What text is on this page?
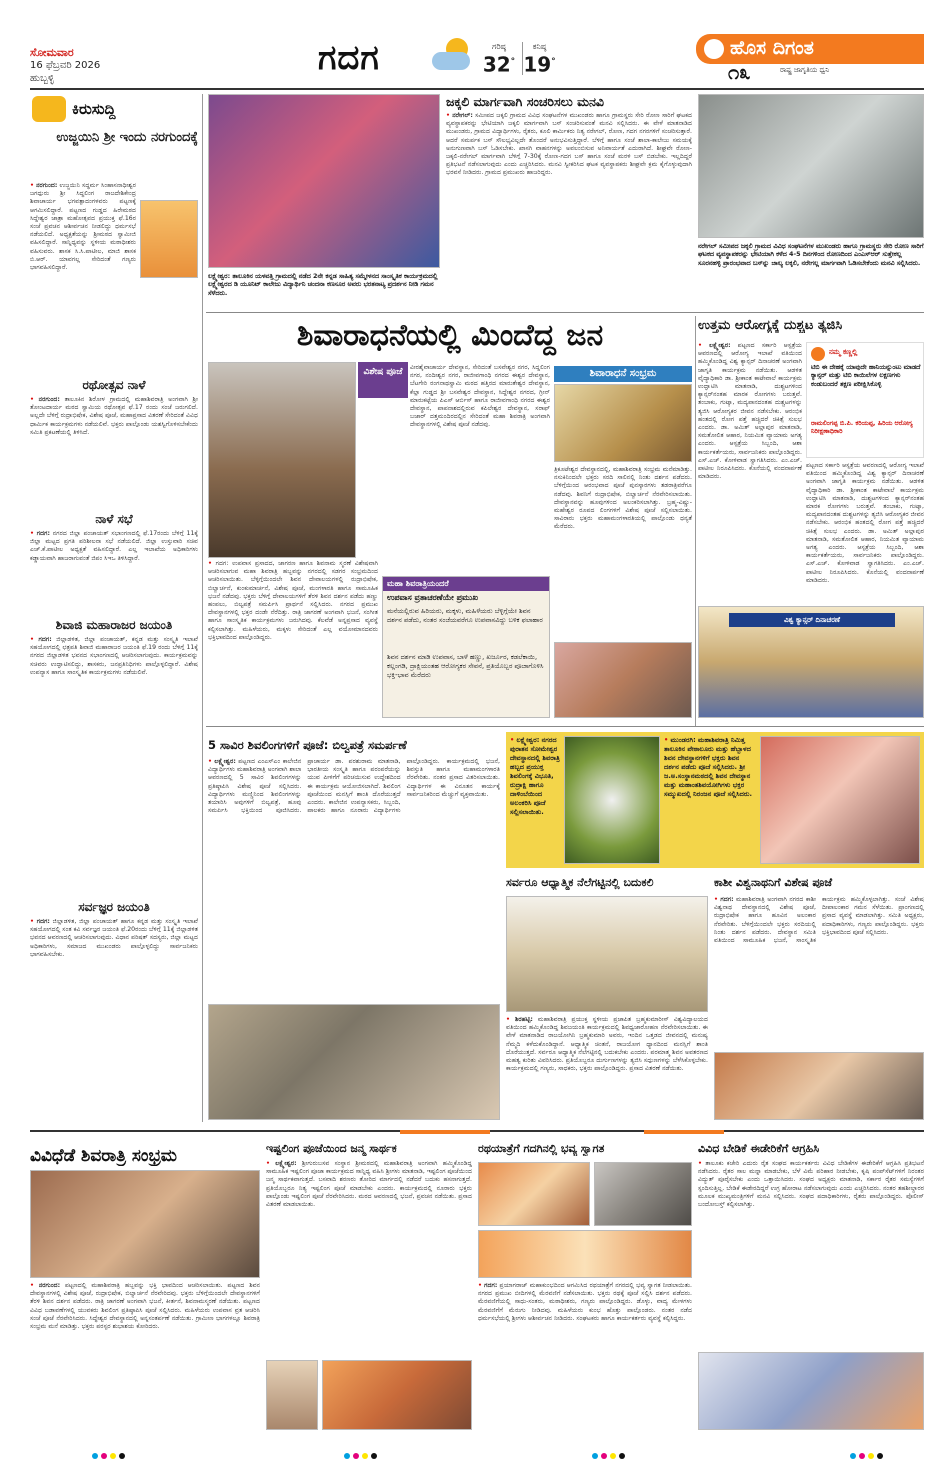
ಸೋಮವಾರ
16 ಫೆಬ್ರವರಿ 2026
ಹುಬ್ಬಳ್ಳಿ
ಗದಗ	ಗರಿಷ್ಠ
32°
ಕನಿಷ್ಠ
19°
ಹೊಸ ದಿಗಂತ
ರಾಷ್ಟ್ರ ಜಾಗೃತಿಯ ಧ್ವನಿ
೧೩
ಕಿರುಸುದ್ದಿ
ಉಜ್ಜಯಿನಿ ಶ್ರೀ ಇಂದು ನರಗುಂದಕ್ಕೆ
• ನರಗುಂದ: ಉಜ್ಜಯಿನಿ ಸದ್ಧರ್ಮ ಸಿಂಹಾಸನಾಧೀಶ್ವರ ಜಗದ್ಗುರು ಶ್ರೀ ಸಿದ್ಧಲಿಂಗ ರಾಜದೇಶಿಕೇಂದ್ರ ಶಿವಾಚಾರ್ಯ ಭಗವತ್ಪಾದಂಗಳವರು ಪಟ್ಟಣಕ್ಕೆ ಆಗಮಿಸಲಿದ್ದಾರೆ. ಪಟ್ಟಣದ ಗುಡ್ಡದ ಹಿರೇಮಠದ ಸಿದ್ದೇಶ್ವರ ಜಾತ್ರಾ ಮಹೋತ್ಸವದ ಪ್ರಯುಕ್ತ ಫೆ.16ರ ಸಂಜೆ ಪ್ರವಚನ ಆಶೀರ್ವಚನ ನೀಡಲಿದ್ದು ಧರ್ಮಸಭೆ ನಡೆಯಲಿದೆ. ಅಧ್ಯಕ್ಷತೆಯನ್ನು ಶ್ರೀಮಠದ ಸ್ವಾಮೀಜಿ ವಹಿಸಲಿದ್ದಾರೆ. ಸಾನ್ನಿಧ್ಯವನ್ನು ಸ್ಥಳೀಯ ಮಠಾಧೀಶರು ವಹಿಸುವರು. ಶಾಸಕ ಸಿ.ಸಿ.ಪಾಟೀಲ, ಮಾಜಿ ಶಾಸಕ ಬಿ.ಆರ್. ಯಾವಗಲ್ಲ ಸೇರಿದಂತೆ ಗಣ್ಯರು ಭಾಗವಹಿಸಲಿದ್ದಾರೆ.
ರಥೋತ್ಸವ ನಾಳೆ
• ನರಗುಂದ: ತಾಲೂಕಿನ ಶಿರೋಳ ಗ್ರಾಮದಲ್ಲಿ ಮಹಾಶಿವರಾತ್ರಿ ಅಂಗವಾಗಿ ಶ್ರೀ ತೋಂಟದಾರ್ಯ ಮಠದ ಸ್ವಾಮಿಯ ರಥೋತ್ಸವ ಫೆ.17 ರಂದು ಸಂಜೆ ಜರುಗಲಿದೆ. ಅಲ್ಲದೇ ಬೆಳಿಗ್ಗೆ ರುದ್ರಾಭಿಷೇಕ, ವಿಶೇಷ ಪೂಜೆ, ಮಹಾಪ್ರಸಾದ ವಿತರಣೆ ಸೇರಿದಂತೆ ವಿವಿಧ ಧಾರ್ಮಿಕ ಕಾರ್ಯಕ್ರಮಗಳು ನಡೆಯಲಿವೆ. ಭಕ್ತರು ಪಾಲ್ಗೊಂಡು ಯಶಸ್ವಿಗೊಳಿಸಬೇಕೆಂದು ಸಮಿತಿ ಪ್ರಕಟಣೆಯಲ್ಲಿ ತಿಳಿಸಿದೆ.
ನಾಳೆ ಸಭೆ
• ಗದಗ: ನಗರದ ಜಿಲ್ಲಾ ಪಂಚಾಯತ್ ಸಭಾಂಗಣದಲ್ಲಿ ಫೆ.17ರಂದು ಬೆಳಿಗ್ಗೆ 11ಕ್ಕೆ ಜಿಲ್ಲಾ ಮಟ್ಟದ ಪ್ರಗತಿ ಪರಿಶೀಲನಾ ಸಭೆ ನಡೆಯಲಿದೆ. ಜಿಲ್ಲಾ ಉಸ್ತುವಾರಿ ಸಚಿವ ಎಚ್.ಕೆ.ಪಾಟೀಲ ಅಧ್ಯಕ್ಷತೆ ವಹಿಸಲಿದ್ದಾರೆ. ಎಲ್ಲ ಇಲಾಖೆಯ ಅಧಿಕಾರಿಗಳು ಕಡ್ಡಾಯವಾಗಿ ಹಾಜರಾಗುವಂತೆ ಜಿಪಂ ಸಿಇಒ ತಿಳಿಸಿದ್ದಾರೆ.
ಶಿವಾಜಿ ಮಹಾರಾಜರ ಜಯಂತಿ
• ಗದಗ: ಜಿಲ್ಲಾಡಳಿತ, ಜಿಲ್ಲಾ ಪಂಚಾಯತ್, ಕನ್ನಡ ಮತ್ತು ಸಂಸ್ಕೃತಿ ಇಲಾಖೆ ಸಹಯೋಗದಲ್ಲಿ ಛತ್ರಪತಿ ಶಿವಾಜಿ ಮಹಾರಾಜರ ಜಯಂತಿ ಫೆ.19 ರಂದು ಬೆಳಿಗ್ಗೆ 11ಕ್ಕೆ ನಗರದ ಜಿಲ್ಲಾಡಳಿತ ಭವನದ ಸಭಾಂಗಣದಲ್ಲಿ ಆಚರಿಸಲಾಗುವುದು. ಕಾರ್ಯಕ್ರಮವನ್ನು ಸಚಿವರು ಉದ್ಘಾಟಿಸಲಿದ್ದು, ಶಾಸಕರು, ಜನಪ್ರತಿನಿಧಿಗಳು ಪಾಲ್ಗೊಳ್ಳಲಿದ್ದಾರೆ. ವಿಶೇಷ ಉಪನ್ಯಾಸ ಹಾಗೂ ಸಾಂಸ್ಕೃತಿಕ ಕಾರ್ಯಕ್ರಮಗಳು ನಡೆಯಲಿವೆ.
ಸರ್ವಜ್ಞರ ಜಯಂತಿ
• ಗದಗ: ಜಿಲ್ಲಾಡಳಿತ, ಜಿಲ್ಲಾ ಪಂಚಾಯತ್ ಹಾಗೂ ಕನ್ನಡ ಮತ್ತು ಸಂಸ್ಕೃತಿ ಇಲಾಖೆ ಸಹಯೋಗದಲ್ಲಿ ಸಂತ ಕವಿ ಸರ್ವಜ್ಞರ ಜಯಂತಿ ಫೆ.20ರಂದು ಬೆಳಿಗ್ಗೆ 11ಕ್ಕೆ ಜಿಲ್ಲಾಡಳಿತ ಭವನದ ಆವರಣದಲ್ಲಿ ಆಚರಿಸಲಾಗುವುದು. ವಿಧಾನ ಪರಿಷತ್ ಸದಸ್ಯರು, ಜಿಲ್ಲಾ ಮಟ್ಟದ ಅಧಿಕಾರಿಗಳು, ಸಮಾಜದ ಮುಖಂಡರು ಪಾಲ್ಗೊಳ್ಳಲಿದ್ದು ಸಾರ್ವಜನಿಕರು ಭಾಗವಹಿಸಬೇಕು.
ಲಕ್ಷ್ಮೇಶ್ವರ: ತಾಲೂಕಿನ ಯಳವತ್ತಿ ಗ್ರಾಮದಲ್ಲಿ ನಡೆದ 2ನೇ ಕನ್ನಡ ಸಾಹಿತ್ಯ ಸಮ್ಮೇಳನದ ಸಾಂಸ್ಕೃತಿಕ ಕಾರ್ಯಕ್ರಮದಲ್ಲಿ ಲಕ್ಷ್ಮೇಶ್ವರದ ಡಿ ಯೂನಿಟ್ ಕಾಲೇಜು ವಿದ್ಯಾರ್ಥಿನಿ ಚಂದನಾ ಕಣಸೂರ ಅವರು ಭರತನಾಟ್ಯ ಪ್ರದರ್ಶನ ನೀಡಿ ಗಮನ ಸೆಳೆದರು.
ಜಕ್ಕಲಿ ಮಾರ್ಗವಾಗಿ ಸಂಚರಿಸಲು ಮನವಿ
• ನರೇಗಲ್: ಸಮೀಪದ ಜಕ್ಕಲಿ ಗ್ರಾಮದ ವಿವಿಧ ಸಂಘಟನೆಗಳ ಮುಖಂಡರು ಹಾಗೂ ಗ್ರಾಮಸ್ಥರು ಸೇರಿ ರೋಣ ಸಾರಿಗೆ ಘಟಕದ ವ್ಯವಸ್ಥಾಪಕರನ್ನು ಭೇಟಿಯಾಗಿ ಜಕ್ಕಲಿ ಮಾರ್ಗವಾಗಿ ಬಸ್ ಸಂಚರಿಸುವಂತೆ ಮನವಿ ಸಲ್ಲಿಸಿದರು. ಈ ವೇಳೆ ಮಾತನಾಡಿದ ಮುಖಂಡರು, ಗ್ರಾಮದ ವಿದ್ಯಾರ್ಥಿಗಳು, ರೈತರು, ಕೂಲಿ ಕಾರ್ಮಿಕರು ನಿತ್ಯ ನರೇಗಲ್, ರೋಣ, ಗದಗ ನಗರಗಳಿಗೆ ಸಂಚರಿಸುತ್ತಾರೆ. ಆದರೆ ಸಮರ್ಪಕ ಬಸ್ ಸೌಲಭ್ಯವಿಲ್ಲದೇ ತೊಂದರೆ ಅನುಭವಿಸುತ್ತಿದ್ದಾರೆ. ಬೆಳಿಗ್ಗೆ ಹಾಗೂ ಸಂಜೆ ಶಾಲಾ-ಕಾಲೇಜು ಸಮಯಕ್ಕೆ ಅನುಗುಣವಾಗಿ ಬಸ್ ಓಡಿಸಬೇಕು. ಖಾಸಗಿ ವಾಹನಗಳನ್ನು ಅವಲಂಬಿಸುವ ಅನಿವಾರ್ಯತೆ ಎದುರಾಗಿದೆ. ಶೀಘ್ರವೇ ರೋಣ-ಜಕ್ಕಲಿ-ನರೇಗಲ್ ಮಾರ್ಗವಾಗಿ ಬೆಳಿಗ್ಗೆ 7-30ಕ್ಕೆ ರೋಣ-ಗದಗ ಬಸ್ ಹಾಗೂ ಸಂಜೆ ಮರಳಿ ಬಸ್ ಬಿಡಬೇಕು. ಇಲ್ಲದಿದ್ದರೆ ಪ್ರತಿಭಟನೆ ನಡೆಸಲಾಗುವುದು ಎಂದು ಎಚ್ಚರಿಸಿದರು. ಮನವಿ ಸ್ವೀಕರಿಸಿದ ಘಟಕ ವ್ಯವಸ್ಥಾಪಕರು ಶೀಘ್ರವೇ ಕ್ರಮ ಕೈಗೊಳ್ಳುವುದಾಗಿ ಭರವಸೆ ನೀಡಿದರು. ಗ್ರಾಮದ ಪ್ರಮುಖರು ಹಾಜರಿದ್ದರು.
ನರೇಗಲ್ ಸಮೀಪದ ಜಕ್ಕಲಿ ಗ್ರಾಮದ ವಿವಿಧ ಸಂಘಟನೆಗಳ ಮುಖಂಡರು ಹಾಗೂ ಗ್ರಾಮಸ್ಥರು ಸೇರಿ ರೋಣ ಸಾರಿಗೆ ಘಟಕದ ವ್ಯವಸ್ಥಾಪಕರನ್ನು ಭೇಟಿಯಾಗಿ ಕಳೆದ 4-5 ದಿನಗಳಿಂದ ರೋಣದಿಂದ ಎಂಎಸ್ಆರ್ ಸುತ್ತೇಕಲ್ಲ ಸೂರನಹಳ್ಳಿ ಪ್ರಾರಂಭವಾದ ಬಸ್‌ನ್ನು ಜಾಲ್ಯ ಲಕ್ಕಲಿ, ನರೇಗಲ್ಲ ಮಾರ್ಗವಾಗಿ ಓಡಿಸಬೇಕೆಂದು ಮನವಿ ಸಲ್ಲಿಸಿದರು.
ಶಿವಾರಾಧನೆಯಲ್ಲಿ ಮಿಂದೆದ್ದ ಜನ
ವಿಶೇಷ ಪೂಜೆ	ವೀರಶೈವಾಚಾರ್ಯ ದೇವಸ್ಥಾನ, ಸೇರಿದಂತೆ ಬಸವೇಶ್ವರ ನಗರ, ಸಿದ್ದಲಿಂಗ ನಗರ, ನಂದೀಶ್ವರ ನಗರ, ರಾಜೀವಗಾಂಧಿ ನಗರದ ಈಶ್ವರ ದೇವಸ್ಥಾನ, ಬೆಟಗೇರಿ ರಂಗನಾಥಸ್ವಾಮಿ ಮಠದ ಹತ್ತಿರದ ಮಾರುತೇಶ್ವರ ದೇವಸ್ಥಾನ, ಕೆಲ್ಲಾ ಗುಡ್ಡದ ಶ್ರೀ ಬಸವೇಶ್ವರ ದೇವಸ್ಥಾನ, ಸಿದ್ದೇಶ್ವರ ನಗರದ, ಗ್ರೀನ್ ಮಾರುಕಟ್ಟೆಯ ಪಿಎಸ್ ಆರ್ಬಿಸ್ ಹಾಗೂ ರಾಜೀವಗಾಂಧಿ ನಗರದ ಈಶ್ವರ ದೇವಸ್ಥಾನ, ಪಾಪನಾಶದಲ್ಲಿರುವ ಕಪಿಲೇಶ್ವರ ದೇವಸ್ಥಾನ, ಸರಾಫ್ ಬಜಾರ್ ದತ್ತಮಂದಿರದಲ್ಲಿನ ಸೇರಿದಂತೆ ಮಹಾ ಶಿವರಾತ್ರಿ ಅಂಗವಾಗಿ ದೇವಸ್ಥಾನಗಳಲ್ಲಿ ವಿಶೇಷ ಪೂಜೆ ನಡೆದವು.
ಶಿವಾರಾಧನೆ ಸಂಭ್ರಮ
ತ್ರಿಕೂಟೇಶ್ವರ ದೇವಸ್ಥಾನದಲ್ಲಿ, ಮಹಾಶಿವರಾತ್ರಿ ಸಂಭ್ರಮ ಮನೆಮಾಡಿತ್ತು. ನಸುಕಿನಿಂದಲೇ ಭಕ್ತರು ಸರದಿ ಸಾಲಿನಲ್ಲಿ ನಿಂತು ದರ್ಶನ ಪಡೆದರು. ಬೆಳಿಗ್ಗೆಯಿಂದ ಆರಂಭವಾದ ಪೂಜೆ ಪುನಸ್ಕಾರಗಳು ತಡರಾತ್ರಿವರೆಗೂ ನಡೆದವು. ಶಿವನಿಗೆ ರುದ್ರಾಭಿಷೇಕ, ಬಿಲ್ವಾರ್ಚನೆ ನೆರವೇರಿಸಲಾಯಿತು. ದೇವಸ್ಥಾನವನ್ನು ಹೂವುಗಳಿಂದ ಅಲಂಕರಿಸಲಾಗಿತ್ತು. ಬ್ರಹ್ಮ-ವಿಷ್ಣು-ಮಹೇಶ್ವರ ರೂಪದ ಲಿಂಗಗಳಿಗೆ ವಿಶೇಷ ಪೂಜೆ ಸಲ್ಲಿಸಲಾಯಿತು. ಸಾವಿರಾರು ಭಕ್ತರು ಮಹಾಮಂಗಳಾರತಿಯಲ್ಲಿ ಪಾಲ್ಗೊಂಡು ಧನ್ಯತೆ ಮೆರೆದರು.
• ಗದಗ: ಉಪವಾಸ ಪ್ರಸಾದದ, ಜಾಗರಣ ಹಾಗೂ ಶಿವನಾಮ ಸ್ಮರಣೆ ವಿಶೇಷವಾಗಿ ಆಚರಿಸಲಾಗುವ ಮಹಾ ಶಿವರಾತ್ರಿ ಹಬ್ಬವನ್ನು ನಗರದಲ್ಲಿ ಸಡಗರ ಸಂಭ್ರಮದಿಂದ ಆಚರಿಸಲಾಯಿತು. ಬೆಳ್ಳಿಗ್ಗೆಯಿಂದಲೇ ಶಿವನ ದೇವಾಲಯಗಳಲ್ಲಿ ರುದ್ರಾಭಿಷೇಕ, ಬಿಲ್ವಾರ್ಚನೆ, ಕುಂಕುಮಾರ್ಚನೆ, ವಿಶೇಷ ಪೂಜೆ, ಮಂಗಳಾರತಿ ಹಾಗೂ ಸಾಮೂಹಿಕ ಭಜನೆ ನಡೆದವು. ಭಕ್ತರು ಬೆಳಿಗ್ಗೆ ದೇವಾಲಯಗಳಿಗೆ ತೆರಳಿ ಶಿವನ ದರ್ಶನ ಪಡೆದು ಹಣ್ಣು ಹಂಪಲು, ಬಿಲ್ವಪತ್ರೆ ಸಮರ್ಪಿಸಿ ಪ್ರಾರ್ಥನೆ ಸಲ್ಲಿಸಿದರು. ನಗರದ ಪ್ರಮುಖ ದೇವಸ್ಥಾನಗಳಲ್ಲಿ ಭಕ್ತರ ದಂಡೇ ನೆರೆದಿತ್ತು. ರಾತ್ರಿ ಜಾಗರಣೆ ಅಂಗವಾಗಿ ಭಜನೆ, ಸಂಗೀತ ಹಾಗೂ ಸಾಂಸ್ಕೃತಿಕ ಕಾರ್ಯಕ್ರಮಗಳು ಜರುಗಿದವು. ಕೆಲವೆಡೆ ಅನ್ನಪ್ರಸಾದ ವ್ಯವಸ್ಥೆ ಕಲ್ಪಿಸಲಾಗಿತ್ತು. ಮಹಿಳೆಯರು, ಮಕ್ಕಳು ಸೇರಿದಂತೆ ಎಲ್ಲ ವಯೋಮಾನದವರು ಭಕ್ತಿಭಾವದಿಂದ ಪಾಲ್ಗೊಂಡಿದ್ದರು.
ಮಹಾ ಶಿವರಾತ್ರಿಯಂದರೆ
ಉಪವಾಸ ವ್ರತಾಚರಣೆಯೇ ಪ್ರಮುಖ
ಮನೆಯಲ್ಲಿರುವ ಹಿರಿಯರು, ಮಕ್ಕಳು, ಮಹಿಳೆಯರು ಬೆಳ್ಳಿಗ್ಗೆಯೇ ಶಿವನ ದರ್ಶನ ಪಡೆದು, ನಂತರ ಸಂಜೆಯವರೆಗೂ ಉಪವಾಸವಿದ್ದು ಬಳಿಕ ಫಲಾಹಾರ
ಶಿವನ ದರ್ಶನ ಮಾಡಿ ಉಪವಾಸ, ಬಾಳೆ ಹಣ್ಣು, ಖರ್ಜೂರ, ಕಡಲೆಕಾಯಿ, ಕಲ್ಲಂಗಡಿ, ದ್ರಾಕ್ಷಿಯಂತಹ ಆರೋಗ್ಯಕರ ಸೇವನೆ, ಪ್ರತಿಯೊಬ್ಬರ ಪೂಜಾಗೊಳಿಸಿ ಭಕ್ತಿ-ಭಾವ ಮೆರೆದರು
ಉತ್ತಮ ಆರೋಗ್ಯಕ್ಕೆ ದುಶ್ಚಟ ತ್ಯಜಿಸಿ
ನಮ್ಮ ಕಣ್ಣಲ್ಲಿ
ಟಿಬಿ ಈ ದೇಹಕ್ಕೆ ಯಾವುದೇ ಹಾನಿಯನ್ನುಂಟು ಮಾಡದೆ ಕ್ಯಾನ್ಸರ್ ಮತ್ತು ಟಿಬಿ ಕಾಯಿಲೆಗಳ ಲಕ್ಷಣಗಳು ಕಂಡುಬಂದರೆ ತಕ್ಷಣ ಪರೀಕ್ಷಿಸಿಕೊಳ್ಳಿ
ರಾಮಲಿಂಗಪ್ಪ ಬಿ.ಪಿ. ಕರಿಯಪ್ಪ, ಹಿರಿಯ ಆರೋಗ್ಯ ನಿರೀಕ್ಷಣಾಧಿಕಾರಿ
• ಲಕ್ಷ್ಮೇಶ್ವರ: ಪಟ್ಟಣದ ಸರ್ಕಾರಿ ಆಸ್ಪತ್ರೆಯ ಆವರಣದಲ್ಲಿ ಆರೋಗ್ಯ ಇಲಾಖೆ ವತಿಯಿಂದ ಹಮ್ಮಿಕೊಂಡಿದ್ದ ವಿಶ್ವ ಕ್ಯಾನ್ಸರ್ ದಿನಾಚರಣೆ ಅಂಗವಾಗಿ ಜಾಗೃತಿ ಕಾರ್ಯಕ್ರಮ ನಡೆಯಿತು. ಆಡಳಿತ ವೈದ್ಯಾಧಿಕಾರಿ ಡಾ. ಶ್ರೀಕಾಂತ ಕಾಟೇವಾಲೆ ಕಾರ್ಯಕ್ರಮ ಉದ್ಘಾಟಿಸಿ ಮಾತನಾಡಿ, ದುಶ್ಚಟಗಳಿಂದ ಕ್ಯಾನ್ಸರ್‌ನಂತಹ ಮಾರಕ ರೋಗಗಳು ಬರುತ್ತವೆ. ತಂಬಾಕು, ಗುಟ್ಕಾ, ಮದ್ಯಪಾನದಂತಹ ದುಶ್ಚಟಗಳನ್ನು ತ್ಯಜಿಸಿ ಆರೋಗ್ಯಕರ ಜೀವನ ನಡೆಸಬೇಕು. ಆರಂಭಿಕ ಹಂತದಲ್ಲಿ ರೋಗ ಪತ್ತೆ ಹಚ್ಚಿದರೆ ಚಿಕಿತ್ಸೆ ಸುಲಭ ಎಂದರು. ಡಾ. ಅಮಿತ್ ಅಲ್ಲಾಪುರ ಮಾತನಾಡಿ, ಸಮತೋಲಿತ ಆಹಾರ, ನಿಯಮಿತ ವ್ಯಾಯಾಮ ಅಗತ್ಯ ಎಂದರು. ಆಸ್ಪತ್ರೆಯ ಸಿಬ್ಬಂದಿ, ಆಶಾ ಕಾರ್ಯಕರ್ತೆಯರು, ಸಾರ್ವಜನಿಕರು ಪಾಲ್ಗೊಂಡಿದ್ದರು. ಎಸ್.ಎಚ್. ಕೋಳಿವಾಡ ಸ್ವಾಗತಿಸಿದರು. ಎಂ.ಎಚ್. ಪಾಟೀಲ ನಿರೂಪಿಸಿದರು. ಕೊನೆಯಲ್ಲಿ ವಂದನಾರ್ಪಣೆ ಮಾಡಿದರು.
ಪಟ್ಟಣದ ಸರ್ಕಾರಿ ಆಸ್ಪತ್ರೆಯ ಆವರಣದಲ್ಲಿ ಆರೋಗ್ಯ ಇಲಾಖೆ ವತಿಯಿಂದ ಹಮ್ಮಿಕೊಂಡಿದ್ದ ವಿಶ್ವ ಕ್ಯಾನ್ಸರ್ ದಿನಾಚರಣೆ ಅಂಗವಾಗಿ ಜಾಗೃತಿ ಕಾರ್ಯಕ್ರಮ ನಡೆಯಿತು. ಆಡಳಿತ ವೈದ್ಯಾಧಿಕಾರಿ ಡಾ. ಶ್ರೀಕಾಂತ ಕಾಟೇವಾಲೆ ಕಾರ್ಯಕ್ರಮ ಉದ್ಘಾಟಿಸಿ ಮಾತನಾಡಿ, ದುಶ್ಚಟಗಳಿಂದ ಕ್ಯಾನ್ಸರ್‌ನಂತಹ ಮಾರಕ ರೋಗಗಳು ಬರುತ್ತವೆ. ತಂಬಾಕು, ಗುಟ್ಕಾ, ಮದ್ಯಪಾನದಂತಹ ದುಶ್ಚಟಗಳನ್ನು ತ್ಯಜಿಸಿ ಆರೋಗ್ಯಕರ ಜೀವನ ನಡೆಸಬೇಕು. ಆರಂಭಿಕ ಹಂತದಲ್ಲಿ ರೋಗ ಪತ್ತೆ ಹಚ್ಚಿದರೆ ಚಿಕಿತ್ಸೆ ಸುಲಭ ಎಂದರು. ಡಾ. ಅಮಿತ್ ಅಲ್ಲಾಪುರ ಮಾತನಾಡಿ, ಸಮತೋಲಿತ ಆಹಾರ, ನಿಯಮಿತ ವ್ಯಾಯಾಮ ಅಗತ್ಯ ಎಂದರು. ಆಸ್ಪತ್ರೆಯ ಸಿಬ್ಬಂದಿ, ಆಶಾ ಕಾರ್ಯಕರ್ತೆಯರು, ಸಾರ್ವಜನಿಕರು ಪಾಲ್ಗೊಂಡಿದ್ದರು. ಎಸ್.ಎಚ್. ಕೋಳಿವಾಡ ಸ್ವಾಗತಿಸಿದರು. ಎಂ.ಎಚ್. ಪಾಟೀಲ ನಿರೂಪಿಸಿದರು. ಕೊನೆಯಲ್ಲಿ ವಂದನಾರ್ಪಣೆ ಮಾಡಿದರು.
ವಿಶ್ವ ಕ್ಯಾನ್ಸರ್ ದಿನಾಚರಣೆ
5 ಸಾವಿರ ಶಿವಲಿಂಗಗಳಿಗೆ ಪೂಜೆ: ಬಿಲ್ವಪತ್ರೆ ಸಮರ್ಪಣೆ
• ಲಕ್ಷ್ಮೇಶ್ವರ: ಪಟ್ಟಣದ ಎಂಎಸ್‌ಎಂ ಕಾಲೇಜಿನ ವಿದ್ಯಾರ್ಥಿಗಳು ಮಹಾಶಿವರಾತ್ರಿ ಅಂಗವಾಗಿ ಶಾಲಾ ಆವರಣದಲ್ಲಿ 5 ಸಾವಿರ ಶಿವಲಿಂಗಗಳನ್ನು ಪ್ರತಿಷ್ಠಾಪಿಸಿ ವಿಶೇಷ ಪೂಜೆ ಸಲ್ಲಿಸಿದರು. ವಿದ್ಯಾರ್ಥಿಗಳು ಮಣ್ಣಿನಿಂದ ಶಿವಲಿಂಗಗಳನ್ನು ತಯಾರಿಸಿ ಅವುಗಳಿಗೆ ಬಿಲ್ವಪತ್ರೆ, ಹೂವು ಸಮರ್ಪಿಸಿ ಭಕ್ತಿಯಿಂದ ಪೂಜಿಸಿದರು. ಪ್ರಾಚಾರ್ಯ ಡಾ. ಪರಶುರಾಮ ಮಾತನಾಡಿ, ಭಾರತೀಯ ಸಂಸ್ಕೃತಿ ಹಾಗೂ ಪರಂಪರೆಯನ್ನು ಯುವ ಪೀಳಿಗೆಗೆ ಪರಿಚಯಿಸುವ ಉದ್ದೇಶದಿಂದ ಈ ಕಾರ್ಯಕ್ರಮ ಆಯೋಜಿಸಲಾಗಿದೆ. ಶಿವಲಿಂಗ ಪೂಜೆಯಿಂದ ಮನಸ್ಸಿಗೆ ಶಾಂತಿ ದೊರೆಯುತ್ತದೆ ಎಂದರು. ಕಾಲೇಜಿನ ಉಪನ್ಯಾಸಕರು, ಸಿಬ್ಬಂದಿ, ಪಾಲಕರು ಹಾಗೂ ನೂರಾರು ವಿದ್ಯಾರ್ಥಿಗಳು ಪಾಲ್ಗೊಂಡಿದ್ದರು. ಕಾರ್ಯಕ್ರಮದಲ್ಲಿ ಭಜನೆ, ಶಿವಸ್ತುತಿ ಹಾಗೂ ಮಹಾಮಂಗಳಾರತಿ ನೆರವೇರಿತು. ನಂತರ ಪ್ರಸಾದ ವಿತರಿಸಲಾಯಿತು. ವಿದ್ಯಾರ್ಥಿಗಳ ಈ ವಿನೂತನ ಕಾರ್ಯಕ್ಕೆ ಸಾರ್ವಜನಿಕರಿಂದ ಮೆಚ್ಚುಗೆ ವ್ಯಕ್ತವಾಯಿತು.
• ಲಕ್ಷ್ಮೇಶ್ವರ: ನಗರದ ಪುರಾತನ ಸೋಮೇಶ್ವರ ದೇವಸ್ಥಾನದಲ್ಲಿ ಶಿವರಾತ್ರಿ ಹಬ್ಬದ ಪ್ರಯುಕ್ತ ಶಿವಲಿಂಗಕ್ಕೆ ವಿಭೂತಿ, ರುದ್ರಾಕ್ಷಿ ಹಾಗೂ ದಾಳಿಂಬೆಯಿಂದ ಅಲಂಕರಿಸಿ ಪೂಜೆ ಸಲ್ಲಿಸಲಾಯಿತು.
• ಮುಂಡರಗಿ: ಮಹಾಶಿವರಾತ್ರಿ ನಿಮಿತ್ತ ತಾಲೂಕಿನ ಪೇಠಾಲೂರು ಮತ್ತು ಹೆಬ್ಬಾಳದ ಶಿವನ ದೇವಸ್ಥಾನಗಳಿಗೆ ಭಕ್ತರು ಶಿವನ ದರ್ಶನ ಪಡೆದು ಪೂಜೆ ಸಲ್ಲಿಸಿದರು. ಶ್ರೀ ಜ.ಅ.ಸಂಸ್ಥಾನಮಠದಲ್ಲಿ ಶಿವನ ದೇವಸ್ಥಾನ ಮತ್ತು ಮಹಾಂತಶಿವಯೋಗಿಗಳು ಭಕ್ತರ ಸಮ್ಮುಖದಲ್ಲಿ ನಿರಂಜನ ಪೂಜೆ ಸಲ್ಲಿಸಿದರು.
ಸರ್ವರೂ ಆಧ್ಯಾತ್ಮಿಕ ನೆಲೆಗಟ್ಟಿನಲ್ಲಿ ಬದುಕಲಿ
• ಶಿರಹಟ್ಟಿ: ಮಹಾಶಿವರಾತ್ರಿ ಪ್ರಯುಕ್ತ ಸ್ಥಳೀಯ ಪ್ರಜಾಪಿತ ಬ್ರಹ್ಮಕುಮಾರೀಸ್ ವಿಶ್ವವಿದ್ಯಾಲಯದ ವತಿಯಿಂದ ಹಮ್ಮಿಕೊಂಡಿದ್ದ ಶಿವಜಯಂತಿ ಕಾರ್ಯಕ್ರಮದಲ್ಲಿ ಶಿವಧ್ವಜಾರೋಹಣ ನೆರವೇರಿಸಲಾಯಿತು. ಈ ವೇಳೆ ಮಾತನಾಡಿದ ರಾಜಯೋಗಿನಿ ಬ್ರಹ್ಮಕುಮಾರಿ ಅವರು, ಇಂದಿನ ಒತ್ತಡದ ಜೀವನದಲ್ಲಿ ಮನುಷ್ಯ ನೆಮ್ಮದಿ ಕಳೆದುಕೊಂಡಿದ್ದಾನೆ. ಆಧ್ಯಾತ್ಮಿಕ ಚಿಂತನೆ, ರಾಜಯೋಗ ಧ್ಯಾನದಿಂದ ಮನಸ್ಸಿಗೆ ಶಾಂತಿ ದೊರೆಯುತ್ತದೆ. ಸರ್ವರೂ ಆಧ್ಯಾತ್ಮಿಕ ನೆಲೆಗಟ್ಟಿನಲ್ಲಿ ಬದುಕಬೇಕು ಎಂದರು. ಪರಮಾತ್ಮ ಶಿವನ ಅವತರಣದ ಮಹತ್ವ ಕುರಿತು ವಿವರಿಸಿದರು. ಪ್ರತಿಯೊಬ್ಬರೂ ದುರ್ಗುಣಗಳನ್ನು ತ್ಯಜಿಸಿ ಸದ್ಗುಣಗಳನ್ನು ಬೆಳೆಸಿಕೊಳ್ಳಬೇಕು. ಕಾರ್ಯಕ್ರಮದಲ್ಲಿ ಗಣ್ಯರು, ಸಾಧಕರು, ಭಕ್ತರು ಪಾಲ್ಗೊಂಡಿದ್ದರು. ಪ್ರಸಾದ ವಿತರಣೆ ನಡೆಯಿತು.
ಕಾಶೀ ವಿಶ್ವನಾಥನಿಗೆ ವಿಶೇಷ ಪೂಜೆ
• ಗದಗ: ಮಹಾಶಿವರಾತ್ರಿ ಅಂಗವಾಗಿ ನಗರದ ಕಾಶೀ ವಿಶ್ವನಾಥ ದೇವಸ್ಥಾನದಲ್ಲಿ ವಿಶೇಷ ಪೂಜೆ, ರುದ್ರಾಭಿಷೇಕ ಹಾಗೂ ಹೂವಿನ ಅಲಂಕಾರ ನೆರವೇರಿತು. ಬೆಳಿಗ್ಗೆಯಿಂದಲೇ ಭಕ್ತರು ಸರದಿಯಲ್ಲಿ ನಿಂತು ದರ್ಶನ ಪಡೆದರು. ದೇವಸ್ಥಾನ ಸಮಿತಿ ವತಿಯಿಂದ ಸಾಮೂಹಿಕ ಭಜನೆ, ಸಾಂಸ್ಕೃತಿಕ ಕಾರ್ಯಕ್ರಮ ಹಮ್ಮಿಕೊಳ್ಳಲಾಗಿತ್ತು. ಸಂಜೆ ವಿಶೇಷ ದೀಪಾಲಂಕಾರ ಗಮನ ಸೆಳೆಯಿತು. ಪ್ರಾಂಗಣದಲ್ಲಿ ಪ್ರಸಾದ ವ್ಯವಸ್ಥೆ ಮಾಡಲಾಗಿತ್ತು. ಸಮಿತಿ ಅಧ್ಯಕ್ಷರು, ಪದಾಧಿಕಾರಿಗಳು, ಗಣ್ಯರು ಪಾಲ್ಗೊಂಡಿದ್ದರು. ಭಕ್ತರು ಭಕ್ತಿಭಾವದಿಂದ ಪೂಜೆ ಸಲ್ಲಿಸಿದರು.
ವಿವಿಧೆಡೆ ಶಿವರಾತ್ರಿ ಸಂಭ್ರಮ
• ನರಗುಂದ: ಪಟ್ಟಣದಲ್ಲಿ ಮಹಾಶಿವರಾತ್ರಿ ಹಬ್ಬವನ್ನು ಭಕ್ತಿ ಭಾವದಿಂದ ಆಚರಿಸಲಾಯಿತು. ಪಟ್ಟಣದ ಶಿವನ ದೇವಸ್ಥಾನಗಳಲ್ಲಿ ವಿಶೇಷ ಪೂಜೆ, ರುದ್ರಾಭಿಷೇಕ, ಬಿಲ್ವಾರ್ಚನೆ ನೆರವೇರಿದವು. ಭಕ್ತರು ಬೆಳಿಗ್ಗೆಯಿಂದಲೇ ದೇವಸ್ಥಾನಗಳಿಗೆ ತೆರಳಿ ಶಿವನ ದರ್ಶನ ಪಡೆದರು. ರಾತ್ರಿ ಜಾಗರಣೆ ಅಂಗವಾಗಿ ಭಜನೆ, ಕೀರ್ತನೆ, ಶಿವನಾಮಸ್ಮರಣೆ ನಡೆಯಿತು. ಪಟ್ಟಣದ ವಿವಿಧ ಬಡಾವಣೆಗಳಲ್ಲಿ ಯುವಕರು ಶಿವಲಿಂಗ ಪ್ರತಿಷ್ಠಾಪಿಸಿ ಪೂಜೆ ಸಲ್ಲಿಸಿದರು. ಮಹಿಳೆಯರು ಉಪವಾಸ ವ್ರತ ಆಚರಿಸಿ ಸಂಜೆ ಪೂಜೆ ನೆರವೇರಿಸಿದರು. ಸಿದ್ಧೇಶ್ವರ ದೇವಸ್ಥಾನದಲ್ಲಿ ಅನ್ನಸಂತರ್ಪಣೆ ನಡೆಯಿತು. ಗ್ರಾಮೀಣ ಭಾಗಗಳಲ್ಲೂ ಶಿವರಾತ್ರಿ ಸಂಭ್ರಮ ಮನೆ ಮಾಡಿತ್ತು. ಭಕ್ತರು ಪರಸ್ಪರ ಶುಭಾಶಯ ಕೋರಿದರು.
ಇಷ್ಟಲಿಂಗ ಪೂಜೆಯಿಂದ ಜನ್ಮ ಸಾರ್ಥಕ
• ಲಕ್ಷ್ಮೇಶ್ವರ: ಶ್ರೀಗುರುಬಸವ ಸಂಸ್ಥಾನ ಶ್ರೀಮಠದಲ್ಲಿ ಮಹಾಶಿವರಾತ್ರಿ ಅಂಗವಾಗಿ ಹಮ್ಮಿಕೊಂಡಿದ್ದ ಸಾಮೂಹಿಕ ಇಷ್ಟಲಿಂಗ ಪೂಜಾ ಕಾರ್ಯಕ್ರಮದ ಸಾನ್ನಿಧ್ಯ ವಹಿಸಿ ಶ್ರೀಗಳು ಮಾತನಾಡಿ, ಇಷ್ಟಲಿಂಗ ಪೂಜೆಯಿಂದ ಜನ್ಮ ಸಾರ್ಥಕವಾಗುತ್ತದೆ. ಬಸವಾದಿ ಶರಣರು ತೋರಿದ ಮಾರ್ಗದಲ್ಲಿ ನಡೆದರೆ ಬದುಕು ಹಸನಾಗುತ್ತದೆ. ಪ್ರತಿಯೊಬ್ಬರೂ ನಿತ್ಯ ಇಷ್ಟಲಿಂಗ ಪೂಜೆ ಮಾಡಬೇಕು ಎಂದರು. ಕಾರ್ಯಕ್ರಮದಲ್ಲಿ ನೂರಾರು ಭಕ್ತರು ಪಾಲ್ಗೊಂಡು ಇಷ್ಟಲಿಂಗ ಪೂಜೆ ನೆರವೇರಿಸಿದರು. ಮಠದ ಆವರಣದಲ್ಲಿ ಭಜನೆ, ಪ್ರವಚನ ನಡೆಯಿತು. ಪ್ರಸಾದ ವಿತರಣೆ ಮಾಡಲಾಯಿತು.
ರಥಯಾತ್ರೆಗೆ ಗದಗಿನಲ್ಲಿ ಭವ್ಯ ಸ್ವಾಗತ
• ಗದಗ: ಪ್ರಯಾಗರಾಜ್ ಮಹಾಕುಂಭದಿಂದ ಆಗಮಿಸಿದ ರಥಯಾತ್ರೆಗೆ ನಗರದಲ್ಲಿ ಭವ್ಯ ಸ್ವಾಗತ ನೀಡಲಾಯಿತು. ನಗರದ ಪ್ರಮುಖ ಬೀದಿಗಳಲ್ಲಿ ಮೆರವಣಿಗೆ ನಡೆಸಲಾಯಿತು. ಭಕ್ತರು ರಥಕ್ಕೆ ಪೂಜೆ ಸಲ್ಲಿಸಿ ದರ್ಶನ ಪಡೆದರು. ಮೆರವಣಿಗೆಯಲ್ಲಿ ಸಾಧು-ಸಂತರು, ಮಠಾಧೀಶರು, ಗಣ್ಯರು ಪಾಲ್ಗೊಂಡಿದ್ದರು. ಡೊಳ್ಳು, ವಾದ್ಯ ಮೇಳಗಳು ಮೆರವಣಿಗೆಗೆ ಮೆರುಗು ನೀಡಿದವು. ಮಹಿಳೆಯರು ಕುಂಭ ಹೊತ್ತು ಪಾಲ್ಗೊಂಡರು. ನಂತರ ನಡೆದ ಧರ್ಮಸಭೆಯಲ್ಲಿ ಶ್ರೀಗಳು ಆಶೀರ್ವಚನ ನೀಡಿದರು. ಸಂಘಟಕರು ಹಾಗೂ ಕಾರ್ಯಕರ್ತರು ವ್ಯವಸ್ಥೆ ಕಲ್ಪಿಸಿದ್ದರು.
ವಿವಿಧ ಬೇಡಿಕೆ ಈಡೇರಿಕೆಗೆ ಆಗ್ರಹಿಸಿ
• ತಾಲೂಕು ಕಚೇರಿ ಎದುರು ರೈತ ಸಂಘದ ಕಾರ್ಯಕರ್ತರು ವಿವಿಧ ಬೇಡಿಕೆಗಳ ಈಡೇರಿಕೆಗೆ ಆಗ್ರಹಿಸಿ ಪ್ರತಿಭಟನೆ ನಡೆಸಿದರು. ರೈತರ ಸಾಲ ಮನ್ನಾ ಮಾಡಬೇಕು, ಬೆಳೆ ವಿಮೆ ಪರಿಹಾರ ನೀಡಬೇಕು, ಕೃಷಿ ಪಂಪ್‌ಸೆಟ್‌ಗಳಿಗೆ ನಿರಂತರ ವಿದ್ಯುತ್ ಪೂರೈಸಬೇಕು ಎಂದು ಒತ್ತಾಯಿಸಿದರು. ಸಂಘದ ಅಧ್ಯಕ್ಷರು ಮಾತನಾಡಿ, ಸರ್ಕಾರ ರೈತರ ಸಮಸ್ಯೆಗಳಿಗೆ ಸ್ಪಂದಿಸುತ್ತಿಲ್ಲ. ಬೇಡಿಕೆ ಈಡೇರದಿದ್ದರೆ ಉಗ್ರ ಹೋರಾಟ ನಡೆಸಲಾಗುವುದು ಎಂದು ಎಚ್ಚರಿಸಿದರು. ನಂತರ ತಹಶೀಲ್ದಾರರ ಮೂಲಕ ಮುಖ್ಯಮಂತ್ರಿಗಳಿಗೆ ಮನವಿ ಸಲ್ಲಿಸಿದರು. ಸಂಘದ ಪದಾಧಿಕಾರಿಗಳು, ರೈತರು ಪಾಲ್ಗೊಂಡಿದ್ದರು. ಪೊಲೀಸ್ ಬಂದೋಬಸ್ತ್ ಕಲ್ಪಿಸಲಾಗಿತ್ತು.
